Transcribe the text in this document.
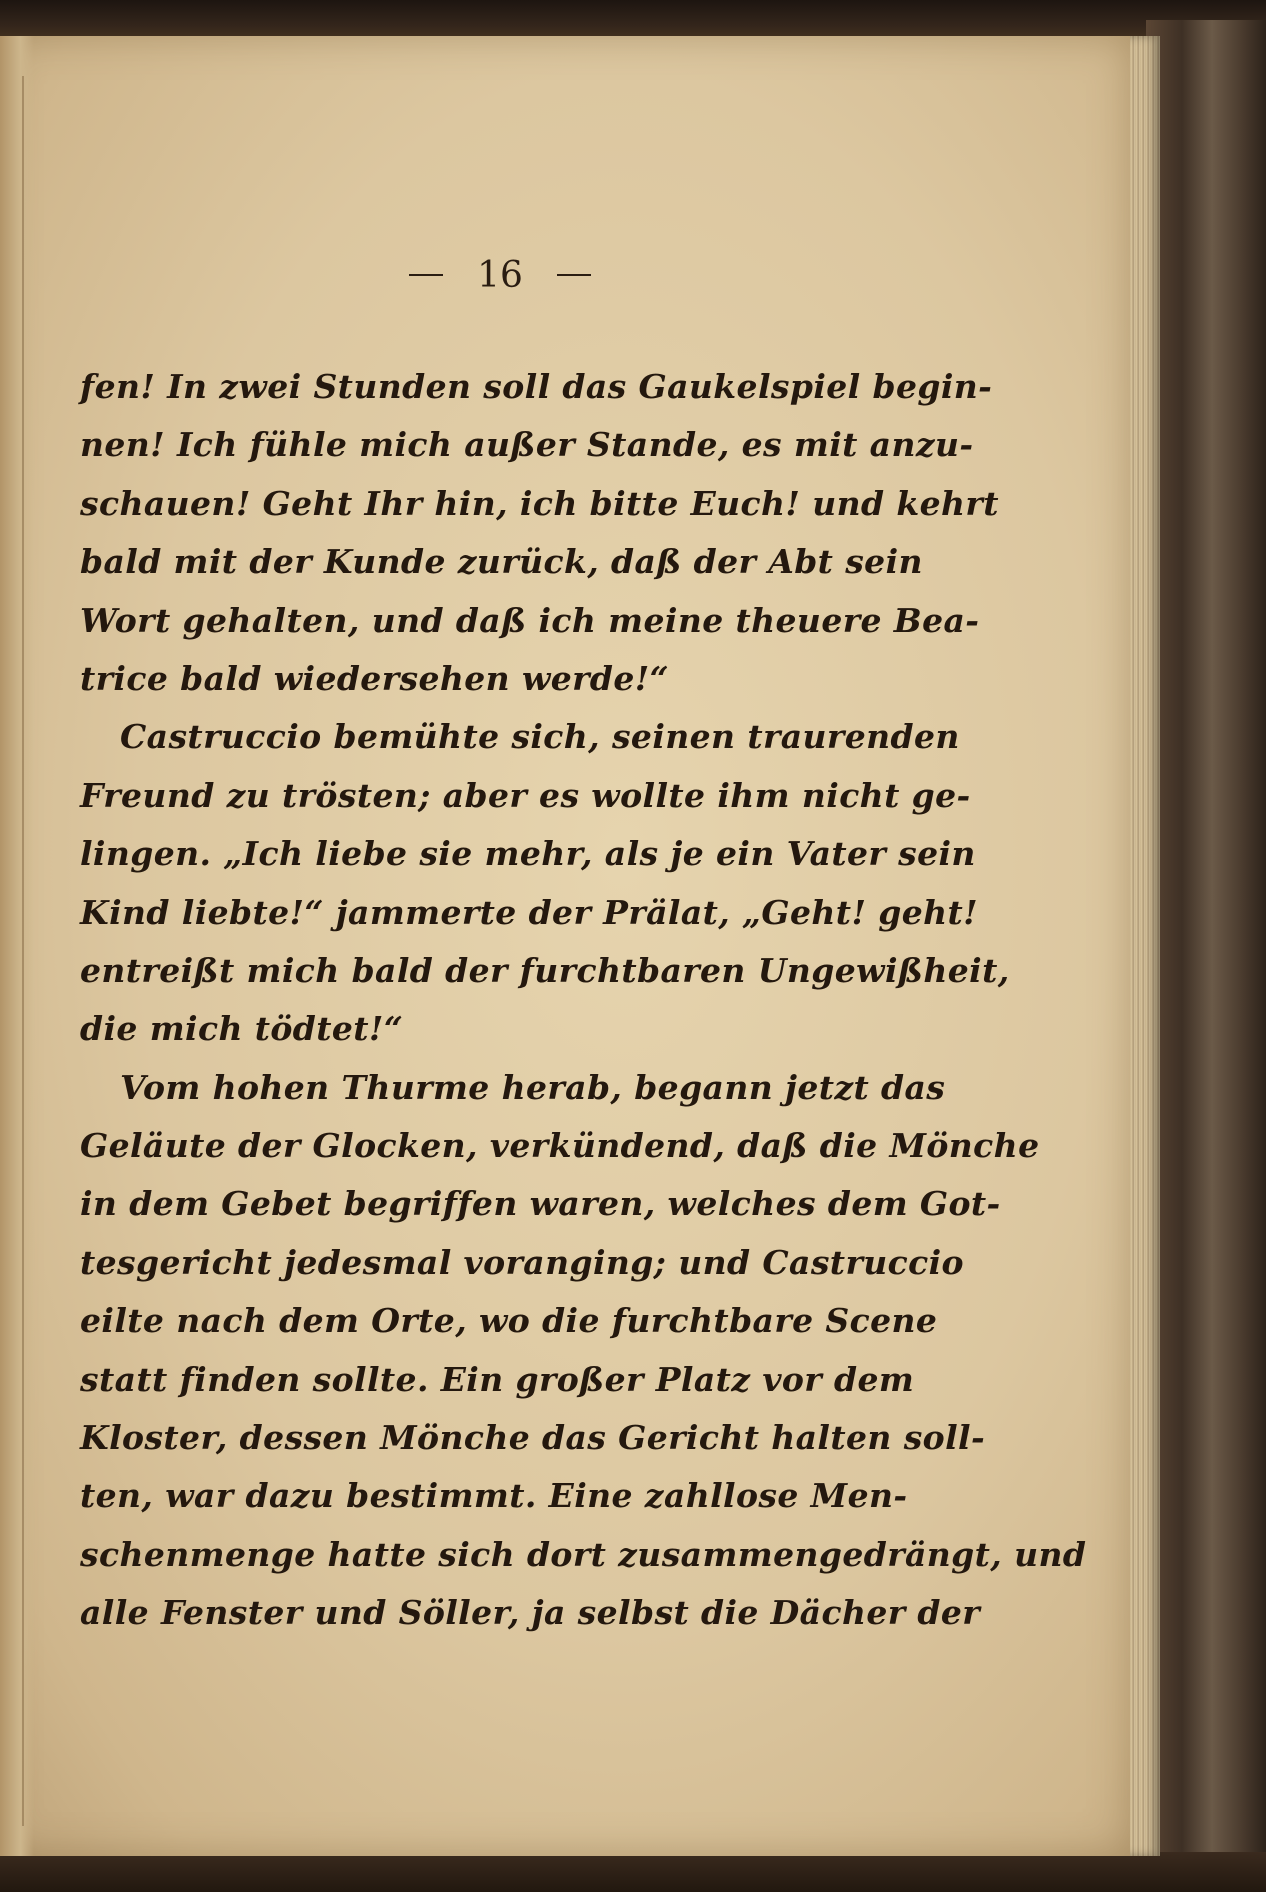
16
fen! In zwei Stunden soll das Gaukelspiel begin-
nen! Ich fühle mich außer Stande, es mit anzu-
schauen! Geht Ihr hin, ich bitte Euch! und kehrt
bald mit der Kunde zurück, daß der Abt sein
Wort gehalten, und daß ich meine theuere Bea-
trice bald wiedersehen werde!“
Castruccio bemühte sich, seinen traurenden
Freund zu trösten; aber es wollte ihm nicht ge-
lingen. „Ich liebe sie mehr, als je ein Vater sein
Kind liebte!“ jammerte der Prälat, „Geht! geht!
entreißt mich bald der furchtbaren Ungewißheit,
die mich tödtet!“
Vom hohen Thurme herab, begann jetzt das
Geläute der Glocken, verkündend, daß die Mönche
in dem Gebet begriffen waren, welches dem Got-
tesgericht jedesmal voranging; und Castruccio
eilte nach dem Orte, wo die furchtbare Scene
statt finden sollte. Ein großer Platz vor dem
Kloster, dessen Mönche das Gericht halten soll-
ten, war dazu bestimmt. Eine zahllose Men-
schenmenge hatte sich dort zusammengedrängt, und
alle Fenster und Söller, ja selbst die Dächer der
